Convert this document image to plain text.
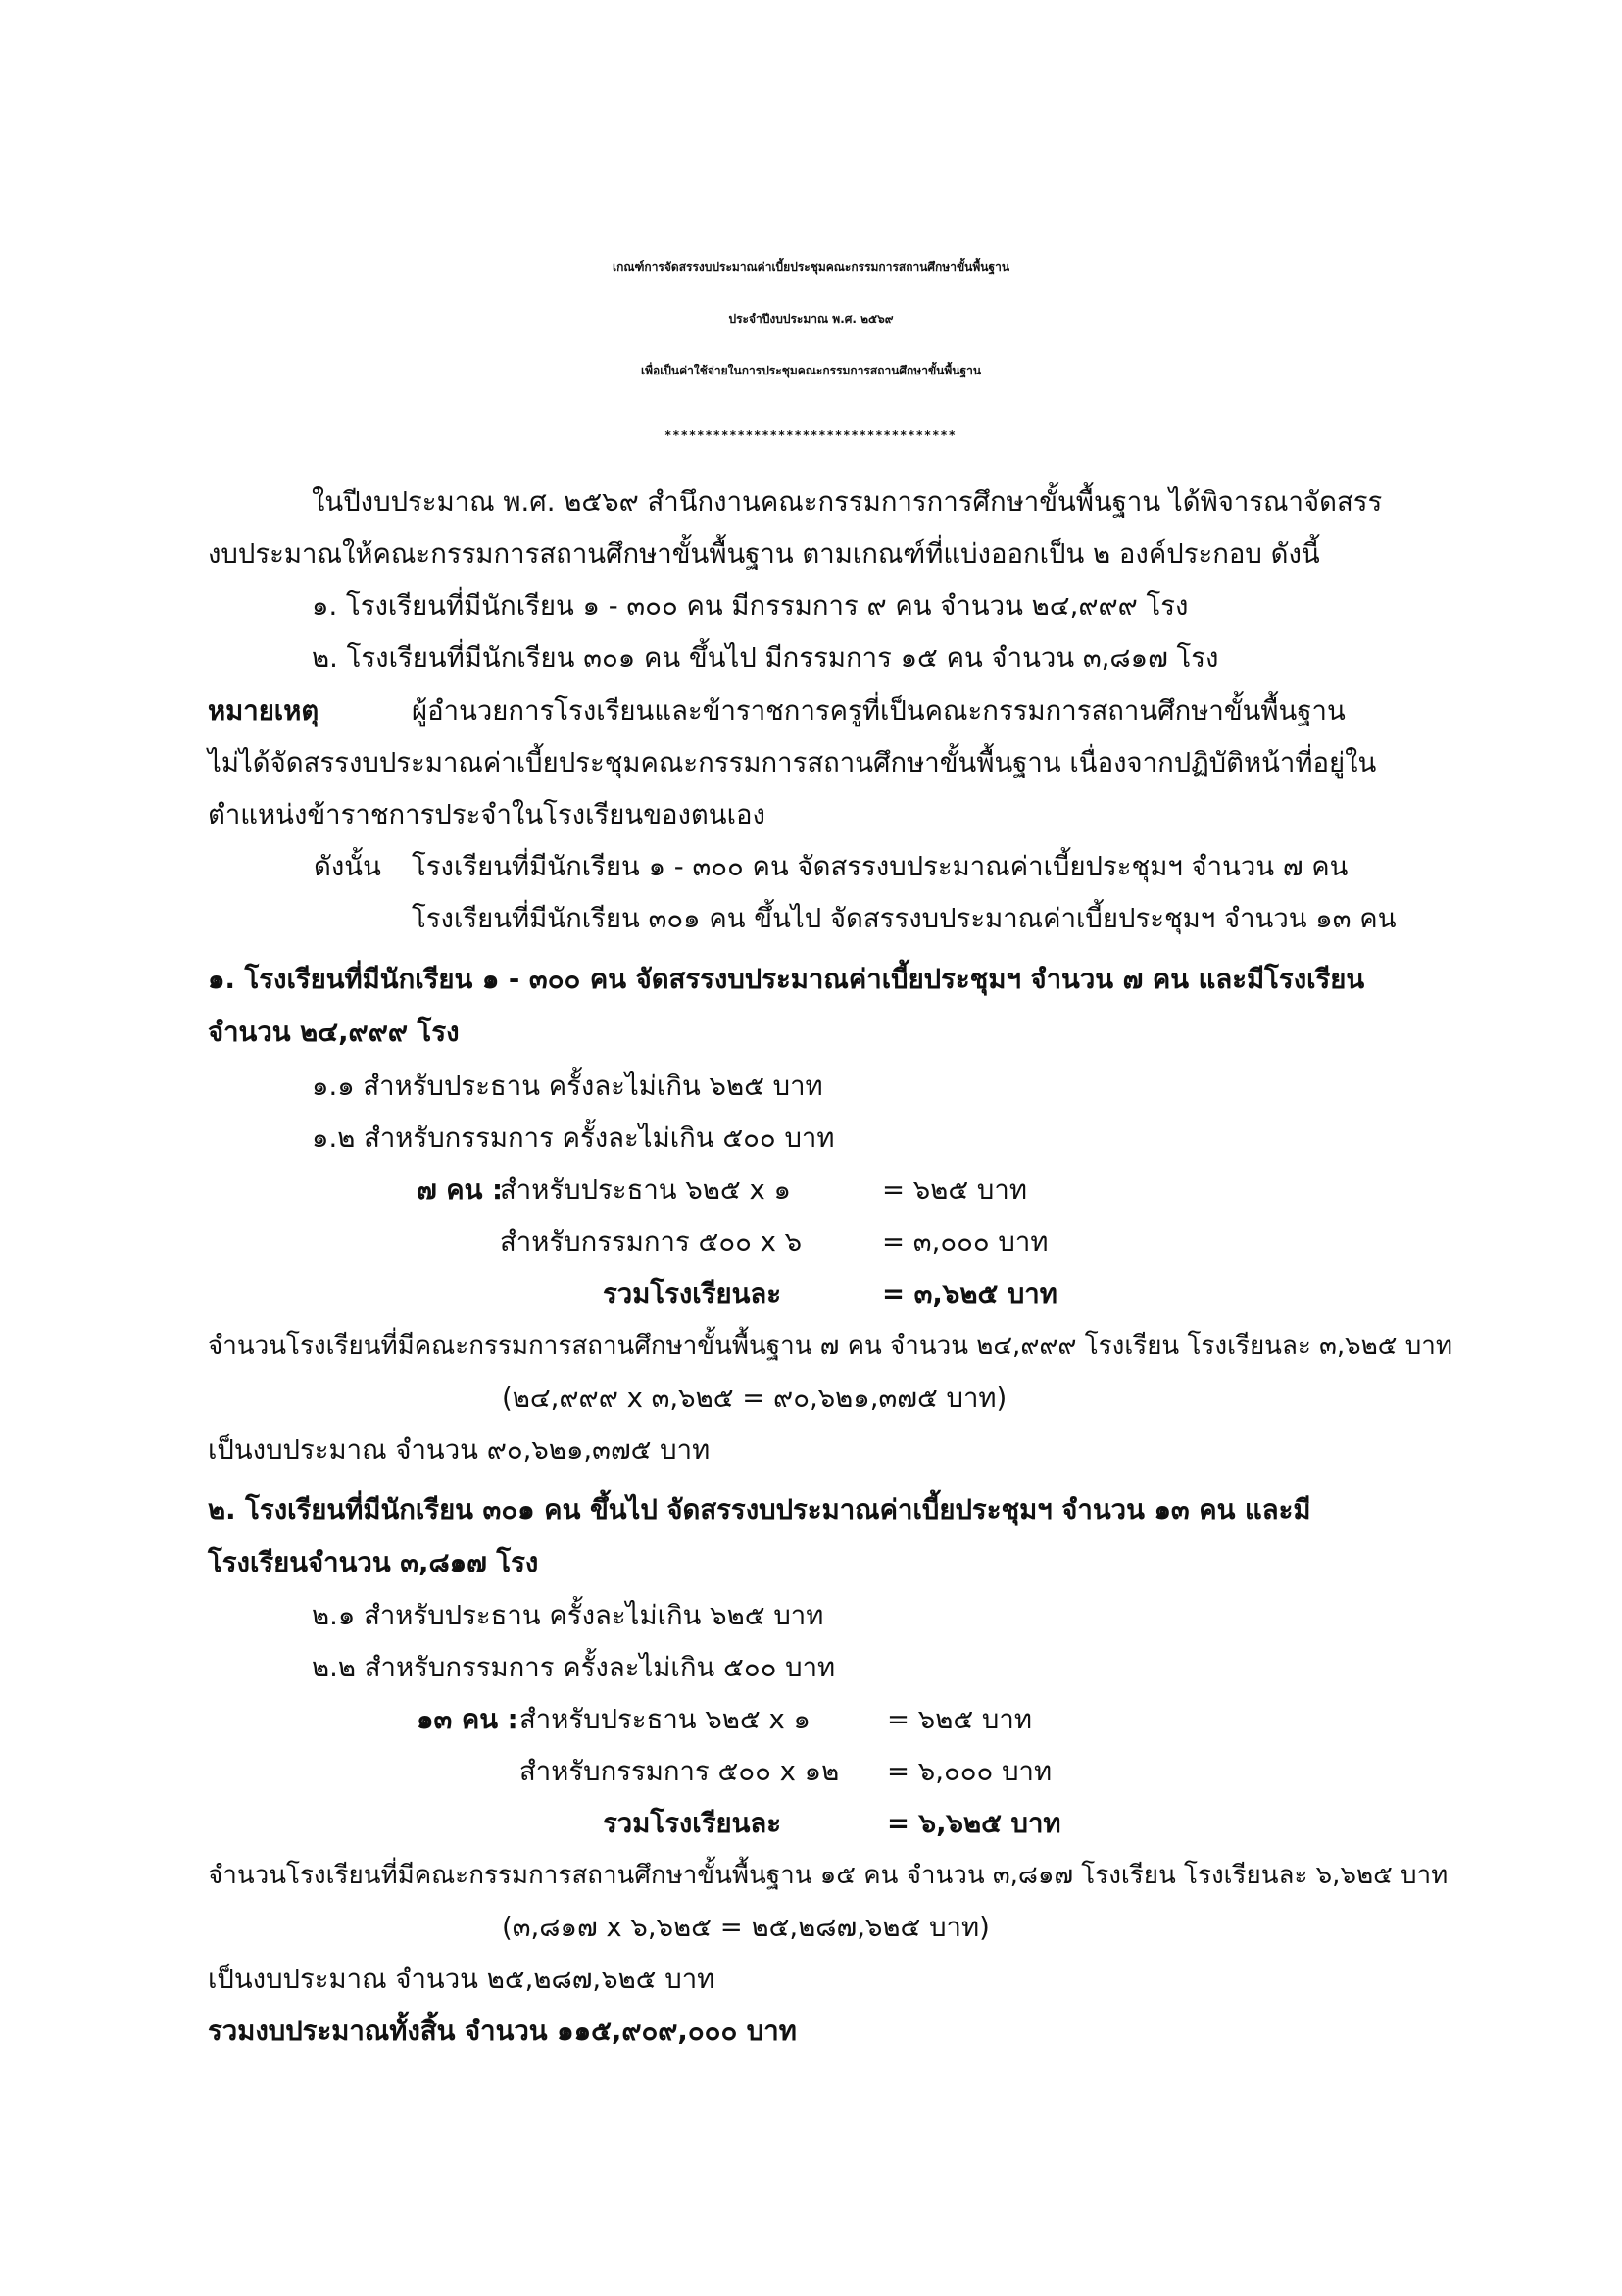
เกณฑ์การจัดสรรงบประมาณค่าเบี้ยประชุมคณะกรรมการสถานศึกษาขั้นพื้นฐาน
ประจำปีงบประมาณ พ.ศ. ๒๕๖๙
เพื่อเป็นค่าใช้จ่ายในการประชุมคณะกรรมการสถานศึกษาขั้นพื้นฐาน
************************************
ในปีงบประมาณ พ.ศ. ๒๕๖๙ สำนึกงานคณะกรรมการการศึกษาขั้นพื้นฐาน ได้พิจารณาจัดสรร
งบประมาณให้คณะกรรมการสถานศึกษาขั้นพื้นฐาน ตามเกณฑ์ที่แบ่งออกเป็น ๒ องค์ประกอบ ดังนี้
๑. โรงเรียนที่มีนักเรียน ๑ - ๓๐๐ คน มีกรรมการ ๙ คน จำนวน ๒๔,๙๙๙ โรง
๒. โรงเรียนที่มีนักเรียน ๓๐๑ คน ขึ้นไป มีกรรมการ ๑๕ คน จำนวน ๓,๘๑๗ โรง
หมายเหตุ	ผู้อำนวยการโรงเรียนและข้าราชการครูที่เป็นคณะกรรมการสถานศึกษาขั้นพื้นฐาน
ไม่ได้จัดสรรงบประมาณค่าเบี้ยประชุมคณะกรรมการสถานศึกษาขั้นพื้นฐาน เนื่องจากปฏิบัติหน้าที่อยู่ใน
ตำแหน่งข้าราชการประจำในโรงเรียนของตนเอง
ดังนั้น โรงเรียนที่มีนักเรียน ๑ - ๓๐๐ คน จัดสรรงบประมาณค่าเบี้ยประชุมฯ จำนวน ๗ คน
โรงเรียนที่มีนักเรียน ๓๐๑ คน ขึ้นไป จัดสรรงบประมาณค่าเบี้ยประชุมฯ จำนวน ๑๓ คน
๑. โรงเรียนที่มีนักเรียน ๑ - ๓๐๐ คน จัดสรรงบประมาณค่าเบี้ยประชุมฯ จำนวน ๗ คน และมีโรงเรียน
จำนวน ๒๔,๙๙๙ โรง
๑.๑ สำหรับประธาน ครั้งละไม่เกิน ๖๒๕ บาท
๑.๒ สำหรับกรรมการ ครั้งละไม่เกิน ๕๐๐ บาท
๗ คน :
สำหรับประธาน ๖๒๕ x ๑	= ๖๒๕ บาท
สำหรับกรรมการ ๕๐๐ x ๖	= ๓,๐๐๐ บาท
รวมโรงเรียนละ	= ๓,๖๒๕ บาท
จำนวนโรงเรียนที่มีคณะกรรมการสถานศึกษาขั้นพื้นฐาน ๗ คน จำนวน ๒๔,๙๙๙ โรงเรียน โรงเรียนละ ๓,๖๒๕ บาท
(๒๔,๙๙๙ x ๓,๖๒๕ = ๙๐,๖๒๑,๓๗๕ บาท)
เป็นงบประมาณ จำนวน ๙๐,๖๒๑,๓๗๕ บาท
๒. โรงเรียนที่มีนักเรียน ๓๐๑ คน ขึ้นไป จัดสรรงบประมาณค่าเบี้ยประชุมฯ จำนวน ๑๓ คน และมี
โรงเรียนจำนวน ๓,๘๑๗ โรง
๒.๑ สำหรับประธาน ครั้งละไม่เกิน ๖๒๕ บาท
๒.๒ สำหรับกรรมการ ครั้งละไม่เกิน ๕๐๐ บาท
๑๓ คน : สำหรับประธาน ๖๒๕ x ๑	= ๖๒๕ บาท
สำหรับกรรมการ ๕๐๐ x ๑๒ = ๖,๐๐๐ บาท
รวมโรงเรียนละ	= ๖,๖๒๕ บาท
จำนวนโรงเรียนที่มีคณะกรรมการสถานศึกษาขั้นพื้นฐาน ๑๕ คน จำนวน ๓,๘๑๗ โรงเรียน โรงเรียนละ ๖,๖๒๕ บาท
(๓,๘๑๗ x ๖,๖๒๕ = ๒๕,๒๘๗,๖๒๕ บาท)
เป็นงบประมาณ จำนวน ๒๕,๒๘๗,๖๒๕ บาท
รวมงบประมาณทั้งสิ้น จำนวน ๑๑๕,๙๐๙,๐๐๐ บาท
